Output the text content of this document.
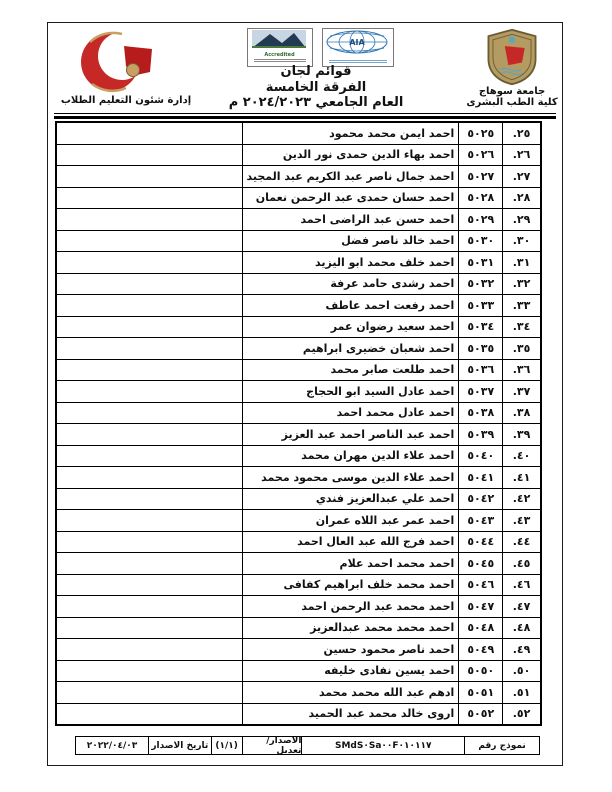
إدارة شئون التعليم الطلاب
Accredited
AIA
قوائم لجان
الفرقة الخامسة
العام الجامعي ٢٠٢٤/٢٠٢٣ م
جامعة سوهاج
كلية الطب البشرى
٢٥.	٥٠٢٥	احمد ايمن محمد محمود	
٢٦.	٥٠٢٦	احمد بهاء الدين حمدى نور الدين	
٢٧.	٥٠٢٧	احمد جمال ناصر عبد الكريم عبد المجيد	
٢٨.	٥٠٢٨	احمد حسان حمدى عبد الرحمن نعمان	
٢٩.	٥٠٢٩	احمد حسن عبد الراضى احمد	
٣٠.	٥٠٣٠	احمد خالد ناصر فضل	
٣١.	٥٠٣١	احمد خلف محمد ابو اليزيد	
٣٢.	٥٠٣٢	احمد رشدى حامد عرفة	
٣٣.	٥٠٣٣	احمد رفعت احمد عاطف	
٣٤.	٥٠٣٤	احمد سعيد رضوان عمر	
٣٥.	٥٠٣٥	احمد شعبان خضيرى ابراهيم	
٣٦.	٥٠٣٦	احمد طلعت صابر محمد	
٣٧.	٥٠٣٧	احمد عادل السيد ابو الحجاج	
٣٨.	٥٠٣٨	احمد عادل محمد احمد	
٣٩.	٥٠٣٩	احمد عبد الناصر احمد عبد العزيز	
٤٠.	٥٠٤٠	احمد علاء الدين مهران محمد	
٤١.	٥٠٤١	احمد علاء الدين موسى محمود محمد	
٤٢.	٥٠٤٢	احمد علي عبدالعزيز فندي	
٤٣.	٥٠٤٣	احمد عمر عبد اللاه عمران	
٤٤.	٥٠٤٤	احمد فرج الله عبد العال احمد	
٤٥.	٥٠٤٥	احمد محمد احمد علام	
٤٦.	٥٠٤٦	احمد محمد خلف ابراهيم كفافى	
٤٧.	٥٠٤٧	احمد محمد عبد الرحمن احمد	
٤٨.	٥٠٤٨	احمد محمد محمد عبدالعزيز	
٤٩.	٥٠٤٩	احمد ناصر محمود حسين	
٥٠.	٥٠٥٠	احمد يسين نفادى خليفه	
٥١.	٥٠٥١	ادهم عبد الله محمد محمد	
٥٢.	٥٠٥٢	اروى خالد محمد عبد الحميد	
نموذج رقم
SMdS٠Sa٠٠F٠١٠١١٧
الاصدار/تعديل
(١/١)
تاريخ الاصدار
٢٠٢٢/٠٤/٠٣
